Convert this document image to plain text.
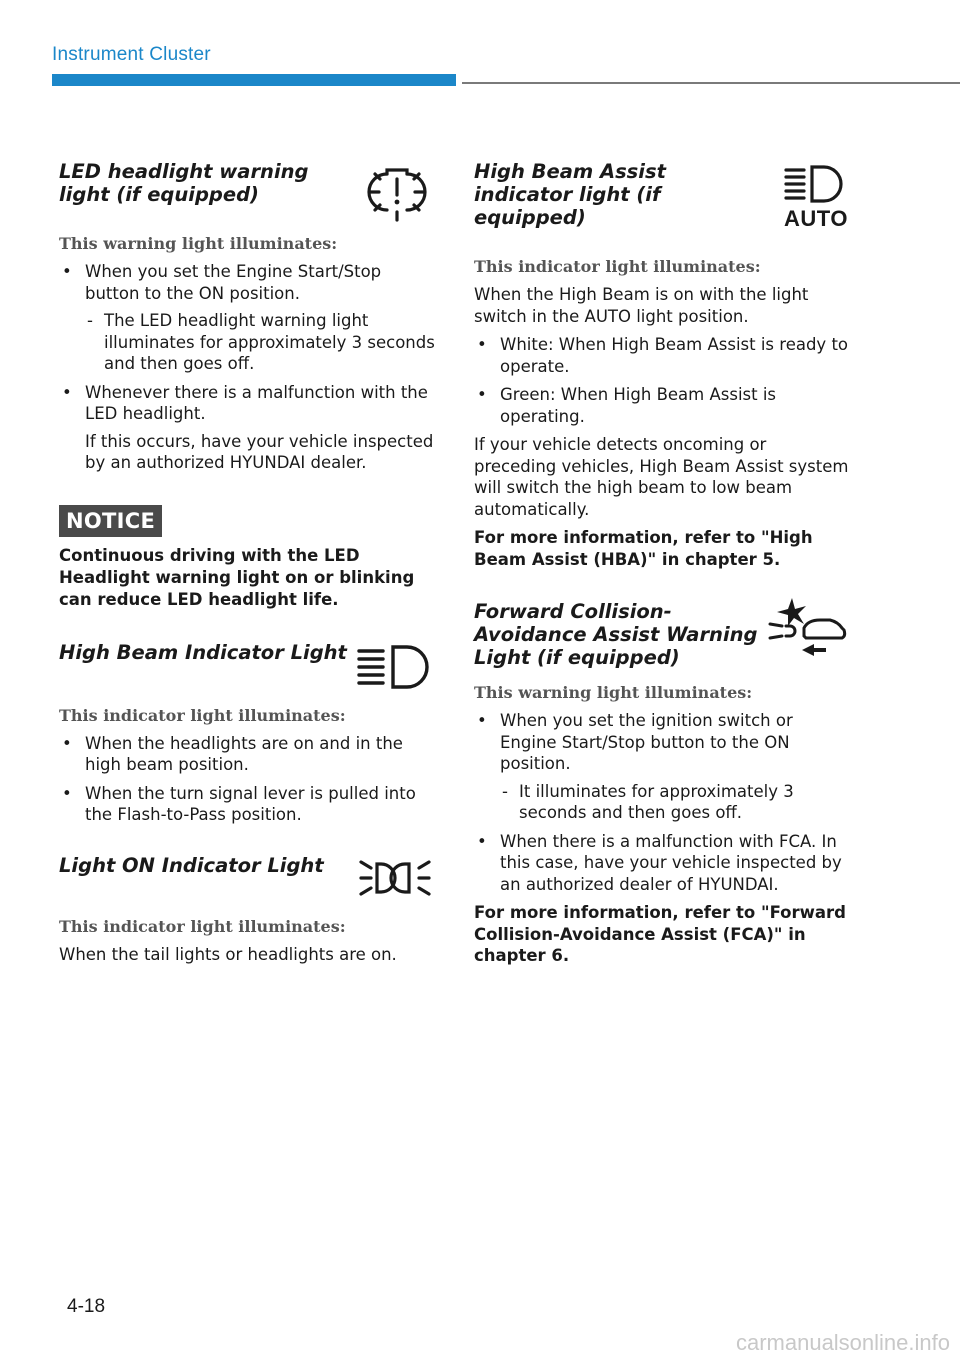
Instrument Cluster
LED headlight warning light (if equipped)
This warning light illuminates:
• When you set the Engine Start/Stop button to the ON position.
- The LED headlight warning light illuminates for approximately 3 seconds and then goes off.
• Whenever there is a malfunction with the LED headlight.
If this occurs, have your vehicle inspected by an authorized HYUNDAI dealer.
NOTICE
Continuous driving with the LED Headlight warning light on or blinking can reduce LED headlight life.
High Beam Indicator Light
This indicator light illuminates:
• When the headlights are on and in the high beam position.
• When the turn signal lever is pulled into the Flash-to-Pass position.
Light ON Indicator Light
This indicator light illuminates:
When the tail lights or headlights are on.
High Beam Assist indicator light (if equipped)	AUTO
This indicator light illuminates:
When the High Beam is on with the light switch in the AUTO light position.
• White: When High Beam Assist is ready to operate.
• Green: When High Beam Assist is operating.
If your vehicle detects oncoming or preceding vehicles, High Beam Assist system will switch the high beam to low beam automatically.
For more information, refer to "High Beam Assist (HBA)" in chapter 5.
Forward Collision-Avoidance Assist Warning Light (if equipped)
This warning light illuminates:
• When you set the ignition switch or Engine Start/Stop button to the ON position.
- It illuminates for approximately 3 seconds and then goes off.
• When there is a malfunction with FCA. In this case, have your vehicle inspected by an authorized dealer of HYUNDAI.
For more information, refer to "Forward Collision-Avoidance Assist (FCA)" in chapter 6.
4-18
carmanualsonline.info
